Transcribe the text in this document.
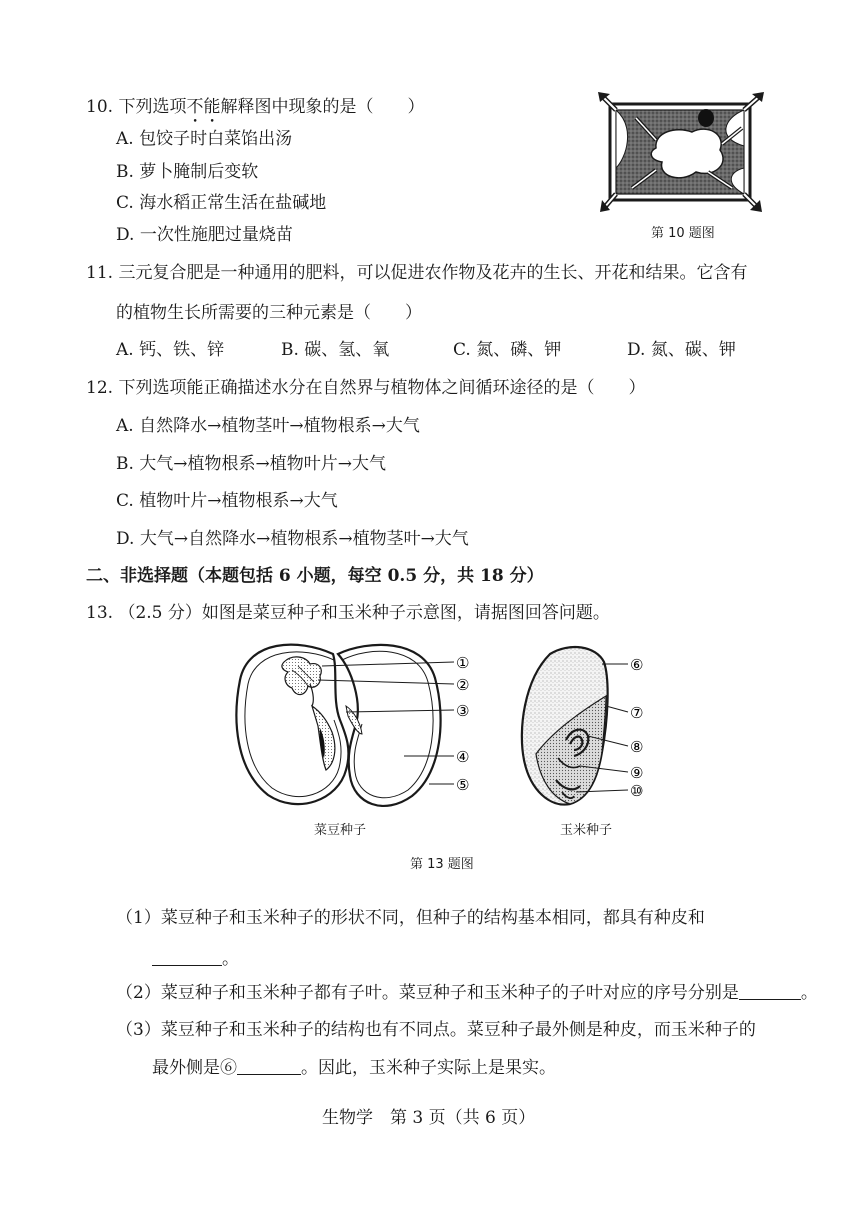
10. 下列选项不能解释图中现象的是（　　）
A. 包饺子时白菜馅出汤
B. 萝卜腌制后变软
C. 海水稻正常生活在盐碱地
D. 一次性施肥过量烧苗	第 10 题图
11. 三元复合肥是一种通用的肥料，可以促进农作物及花卉的生长、开花和结果。它含有
的植物生长所需要的三种元素是（　　）
A. 钙、铁、锌	B. 碳、氢、氧	C. 氮、磷、钾	D. 氮、碳、钾
12. 下列选项能正确描述水分在自然界与植物体之间循环途径的是（　　）
A. 自然降水→植物茎叶→植物根系→大气
B. 大气→植物根系→植物叶片→大气
C. 植物叶片→植物根系→大气
D. 大气→自然降水→植物根系→植物茎叶→大气
二、非选择题（本题包括 6 小题，每空 0.5 分，共 18 分）
13. （2.5 分）如图是菜豆种子和玉米种子示意图，请据图回答问题。
①
②
③
④
⑤
菜豆种子
⑥
⑦
⑧
⑨
⑩
玉米种子
第 13 题图
（1）菜豆种子和玉米种子的形状不同，但种子的结构基本相同，都具有种皮和
。
（2）菜豆种子和玉米种子都有子叶。菜豆种子和玉米种子的子叶对应的序号分别是	。
（3）菜豆种子和玉米种子的结构也有不同点。菜豆种子最外侧是种皮，而玉米种子的
最外侧是⑥	。因此，玉米种子实际上是果实。
生物学　第 3 页（共 6 页）
